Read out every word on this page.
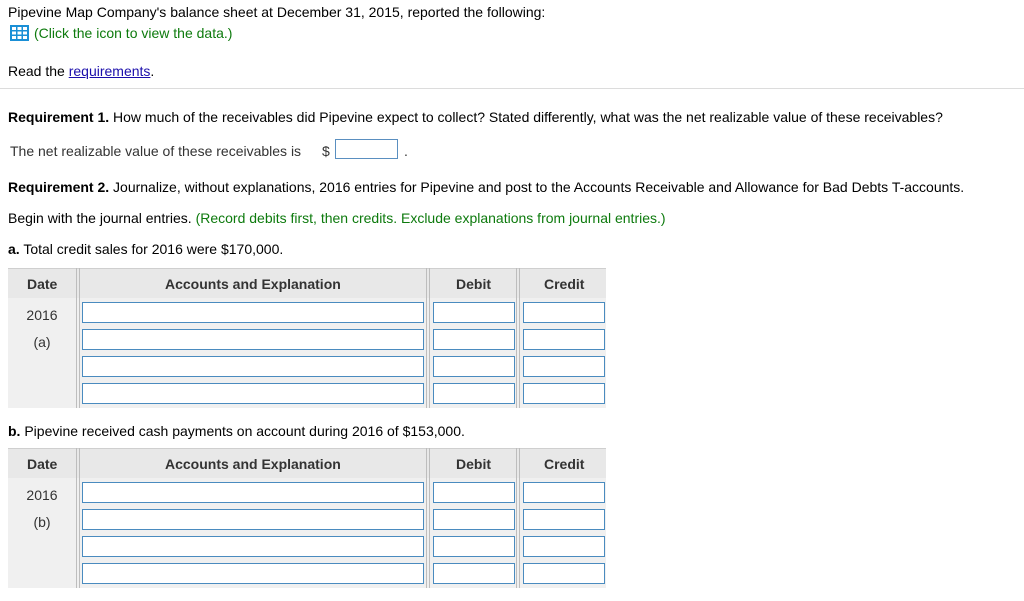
Pipevine Map Company's balance sheet at December 31, 2015, reported the following:
(Click the icon to view the data.)
Read the requirements.
Requirement 1. How much of the receivables did Pipevine expect to collect? Stated differently, what was the net realizable value of these receivables?
The net realizable value of these receivables is $	.
Requirement 2. Journalize, without explanations, 2016 entries for Pipevine and post to the Accounts Receivable and Allowance for Bad Debts T-accounts.
Begin with the journal entries. (Record debits first, then credits. Exclude explanations from journal entries.)
a. Total credit sales for 2016 were $170,000.
Date	Accounts and Explanation	Debit	Credit
2016
(a)
b. Pipevine received cash payments on account during 2016 of $153,000.
Date	Accounts and Explanation	Debit	Credit
2016
(b)
